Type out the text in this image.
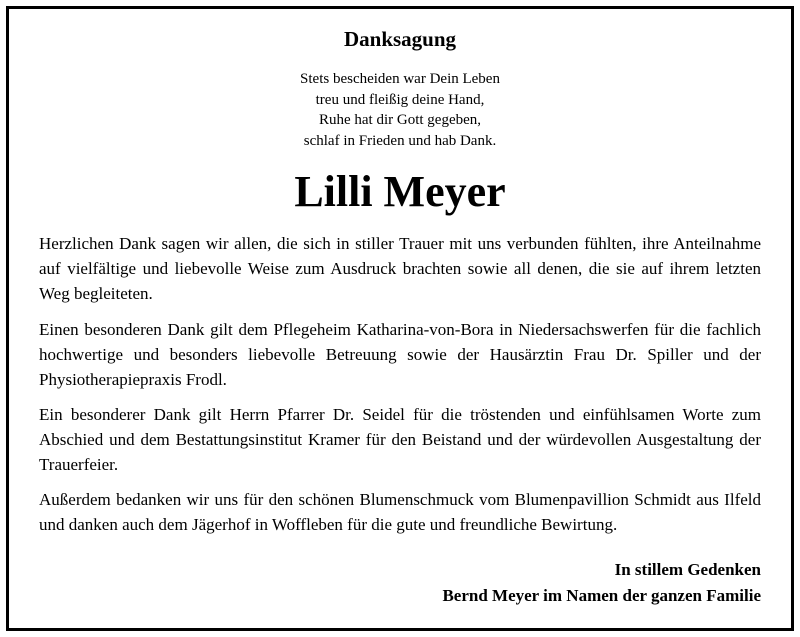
Danksagung
Stets bescheiden war Dein Leben
treu und fleißig deine Hand,
Ruhe hat dir Gott gegeben,
schlaf in Frieden und hab Dank.
Lilli Meyer

Herzlichen Dank sagen wir allen, die sich in stiller Trauer mit uns verbunden fühlten, ihre Anteilnahme auf vielfältige und liebevolle Weise zum Ausdruck brachten sowie all denen, die sie auf ihrem letzten Weg begleiteten.

Einen besonderen Dank gilt dem Pflegeheim Katharina-von-Bora in Niedersachswerfen für die fachlich hochwertige und besonders liebevolle Betreuung sowie der Hausärztin Frau Dr. Spiller und der Physiotherapiepraxis Frodl.

Ein besonderer Dank gilt Herrn Pfarrer Dr. Seidel für die tröstenden und einfühlsamen Worte zum Abschied und dem Bestattungsinstitut Kramer für den Beistand und der würdevollen Ausgestaltung der Trauerfeier.

Außerdem bedanken wir uns für den schönen Blumenschmuck vom Blumenpavillion Schmidt aus Ilfeld und danken auch dem Jägerhof in Woffleben für die gute und freundliche Bewirtung.

In stillem Gedenken
Bernd Meyer im Namen der ganzen Familie
